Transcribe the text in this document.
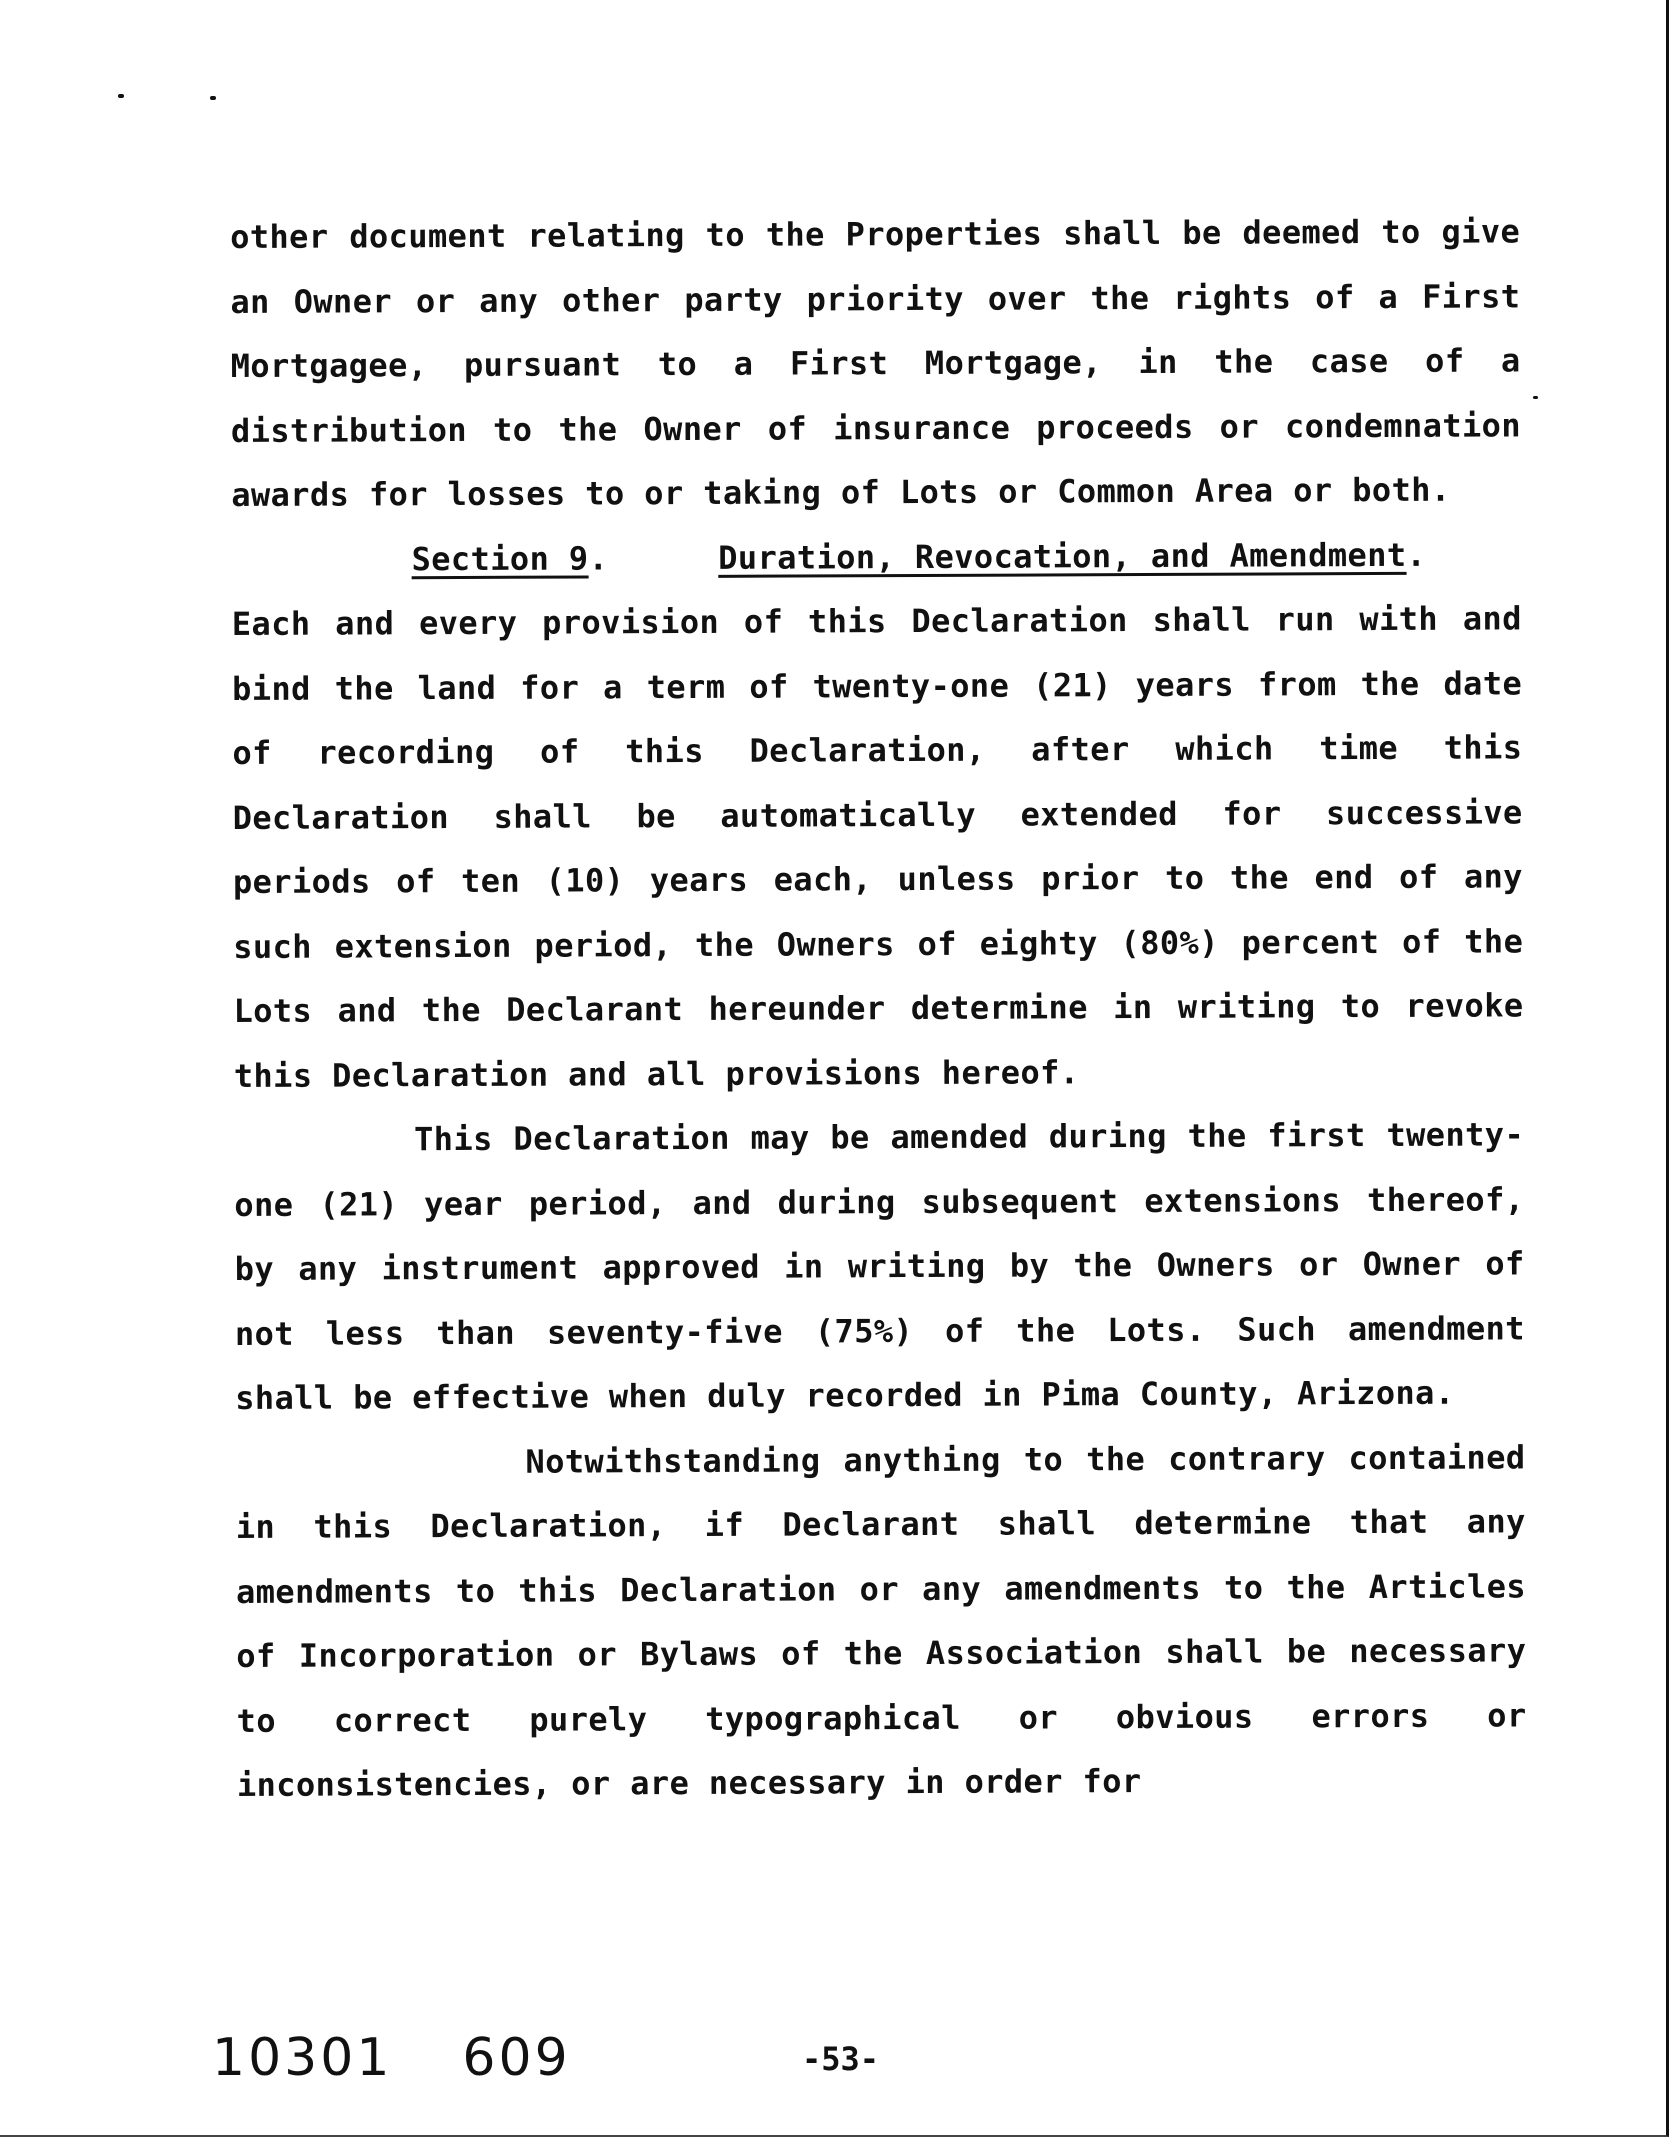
other document relating to the Properties shall be deemed to give an Owner or any other party priority over the rights of a First Mortgagee, pursuant to a First Mortgage, in the case of a distribution to the Owner of insurance proceeds or condemnation awards for losses to or taking of Lots or Common Area or both.

Section 9 .	Duration, Revocation, and Amendment .

Each and every provision of this Declaration shall run with and bind the land for a term of twenty-one (21) years from the date of recording of this Declaration, after which time this Declaration shall be automatically extended for successive periods of ten (10) years each, unless prior to the end of any such extension period, the Owners of eighty (80%) percent of the Lots and the Declarant hereunder determine in writing to revoke this Declaration and all provisions hereof.

This Declaration may be amended during the first twenty-one (21) year period, and during subsequent extensions thereof, by any instrument approved in writing by the Owners or Owner of not less than seventy-five (75%) of the Lots. Such amendment shall be effective when duly recorded in Pima County, Arizona.

Notwithstanding anything to the contrary contained in this Declaration, if Declarant shall determine that any amendments to this Declaration or any amendments to the Articles of Incorporation or Bylaws of the Association shall be necessary to correct purely typographical or obvious errors or inconsistencies, or are necessary in order for

10301 609	-53-
